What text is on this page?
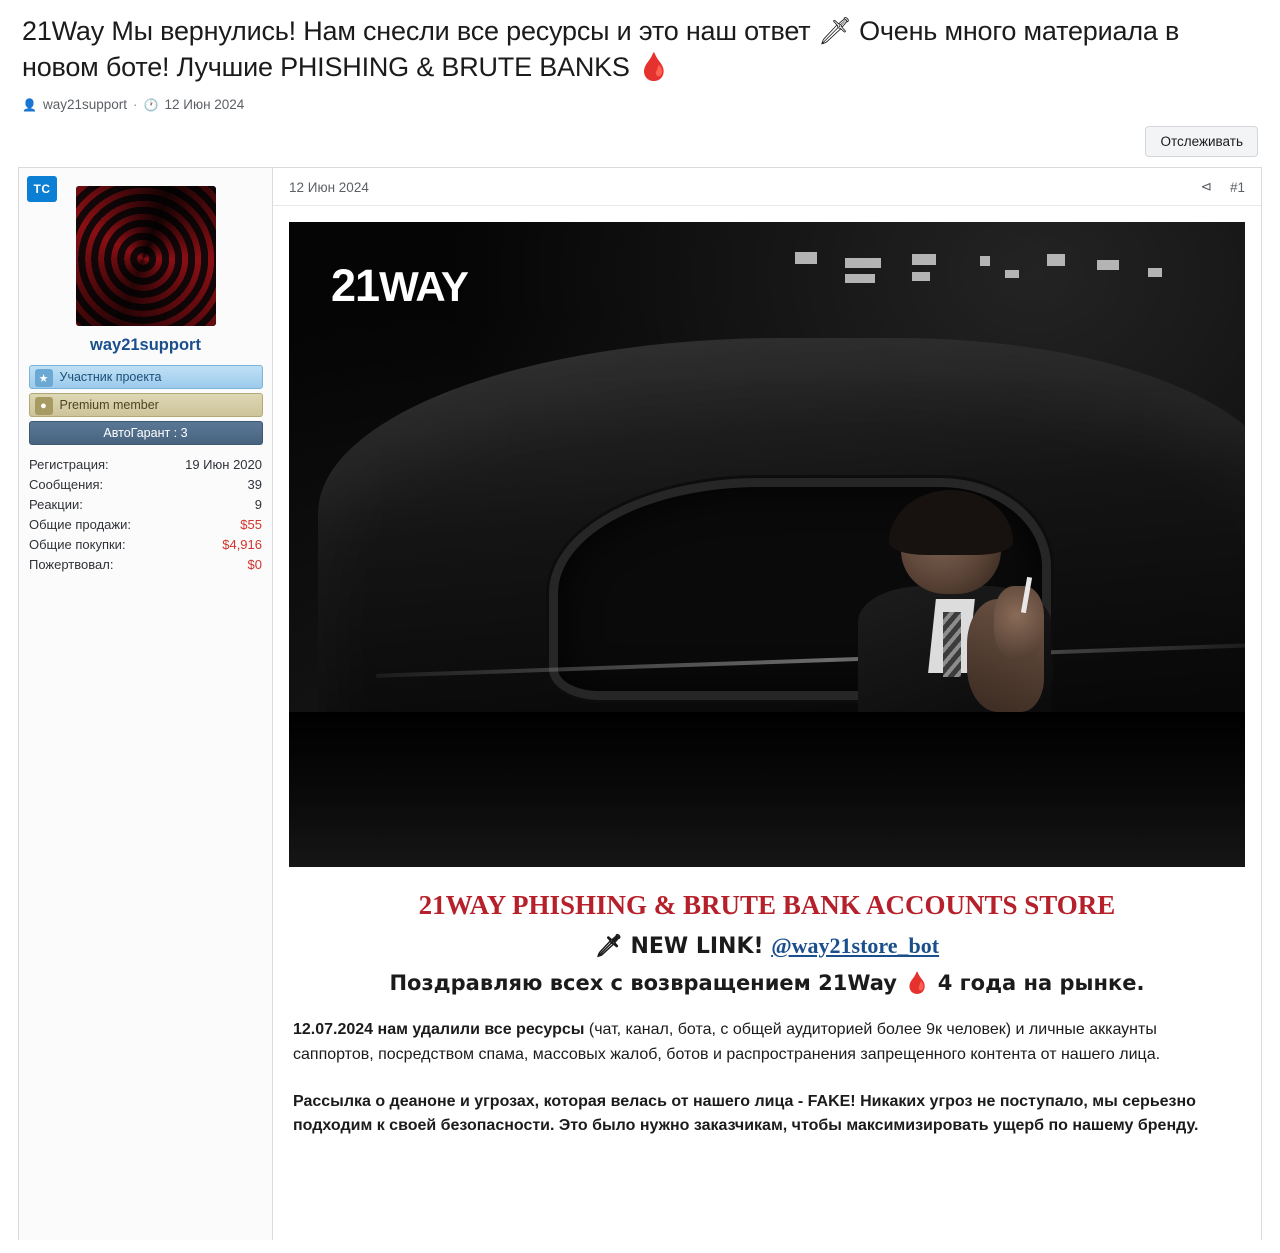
21Way Мы вернулись! Нам снесли все ресурсы и это наш ответ 🗡 Очень много материала в новом боте! Лучшие PHISHING & BRUTE BANKS 🩸
👤 way21support · 🕐 12 Июн 2024
Отслеживать
TC
way21support
★ Участник проекта
●	Premium member
АвтоГарант : 3
Регистрация:	19 Июн 2020
Сообщения:	39
Реакции:	9
Общие продажи:	$55
Общие покупки:	$4,916
Пожертвовал:	$0
12 Июн 2024	⊲ #1
21WAY
21WAY PHISHING & BRUTE BANK ACCOUNTS STORE
🗡 NEW LINK! @way21store_bot
Поздравляю всех с возвращением 21Way 🩸 4 года на рынке.
12.07.2024 нам удалили все ресурсы (чат, канал, бота, с общей аудиторией более 9к человек) и личные аккаунты саппортов, посредством спама, массовых жалоб, ботов и распространения запрещенного контента от нашего лица.
Рассылка о деаноне и угрозах, которая велась от нашего лица - FAKE! Никаких угроз не поступало, мы серьезно подходим к своей безопасности. Это было нужно заказчикам, чтобы максимизировать ущерб по нашему бренду.
